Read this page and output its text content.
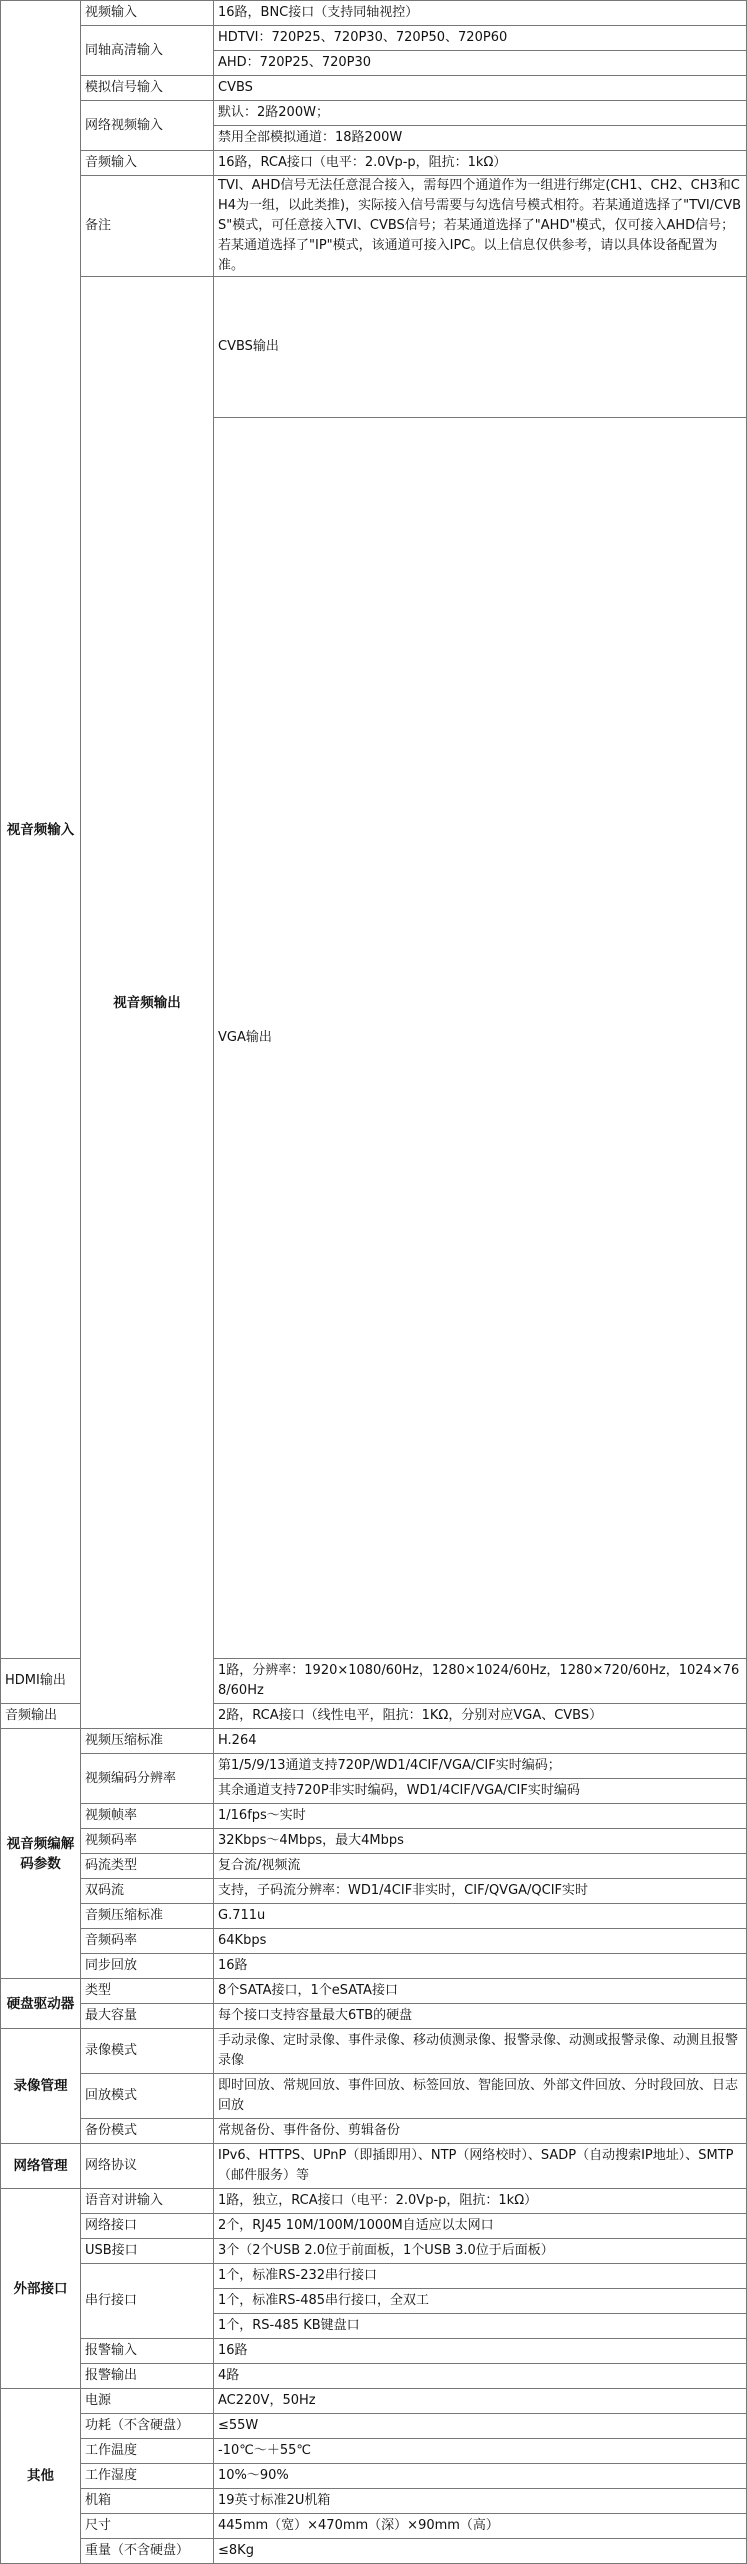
视音频输入	视频输入	16路，BNC接口（支持同轴视控）	
	同轴高清输入	HDTVI：720P25、720P30、720P50、720P60	
		AHD：720P25、720P30	
	模拟信号输入	CVBS	
	网络视频输入	默认：2路200W；	
		禁用全部模拟通道：18路200W	
	音频输入	16路，RCA接口（电平：2.0Vp-p，阻抗：1kΩ）	
	备注	TVI、AHD信号无法任意混合接入，需每四个通道作为一组进行绑定(CH1、CH2、CH3和CH4为一组，以此类推)，实际接入信号需要与勾选信号模式相符。若某通道选择了"TVI/CVBS"模式，可任意接入TVI、CVBS信号；若某通道选择了"AHD"模式，仅可接入AHD信号；若某通道选择了"IP"模式，该通道可接入IPC。以上信息仅供参考，请以具体设备配置为准。	
	视音频输出	CVBS输出	
		VGA输出	
HDMI输出		1路，分辨率：1920×1080/60Hz，1280×1024/60Hz，1280×720/60Hz，1024×768/60Hz	
音频输出		2路，RCA接口（线性电平，阻抗：1KΩ，分别对应VGA、CVBS）	
视音频编解码参数	视频压缩标准	H.264	
	视频编码分辨率	第1/5/9/13通道支持720P/WD1/4CIF/VGA/CIF实时编码；	
		其余通道支持720P非实时编码，WD1/4CIF/VGA/CIF实时编码	
	视频帧率	1/16fps～实时	
	视频码率	32Kbps～4Mbps，最大4Mbps	
	码流类型	复合流/视频流	
	双码流	支持，子码流分辨率：WD1/4CIF非实时，CIF/QVGA/QCIF实时	
	音频压缩标准	G.711u	
	音频码率	64Kbps	
	同步回放	16路	
硬盘驱动器	类型	8个SATA接口，1个eSATA接口	
	最大容量	每个接口支持容量最大6TB的硬盘	
录像管理	录像模式	手动录像、定时录像、事件录像、移动侦测录像、报警录像、动测或报警录像、动测且报警录像	
	回放模式	即时回放、常规回放、事件回放、标签回放、智能回放、外部文件回放、分时段回放、日志回放	
	备份模式	常规备份、事件备份、剪辑备份	
网络管理	网络协议	IPv6、HTTPS、UPnP（即插即用）、NTP（网络校时）、SADP（自动搜索IP地址）、SMTP（邮件服务）等	
外部接口	语音对讲输入	1路，独立，RCA接口（电平：2.0Vp-p，阻抗：1kΩ）	
	网络接口	2个，RJ45 10M/100M/1000M自适应以太网口	
	USB接口	3个（2个USB 2.0位于前面板，1个USB 3.0位于后面板）	
	串行接口	1个，标准RS-232串行接口	
		1个，标准RS-485串行接口，全双工	
		1个，RS-485 KB键盘口	
	报警输入	16路	
	报警输出	4路	
其他	电源	AC220V，50Hz	
	功耗（不含硬盘）	≤55W	
	工作温度	-10℃～＋55℃	
	工作湿度	10%～90%	
	机箱	19英寸标准2U机箱	
	尺寸	445mm（宽）×470mm（深）×90mm（高）	
	重量（不含硬盘）	≤8Kg	
